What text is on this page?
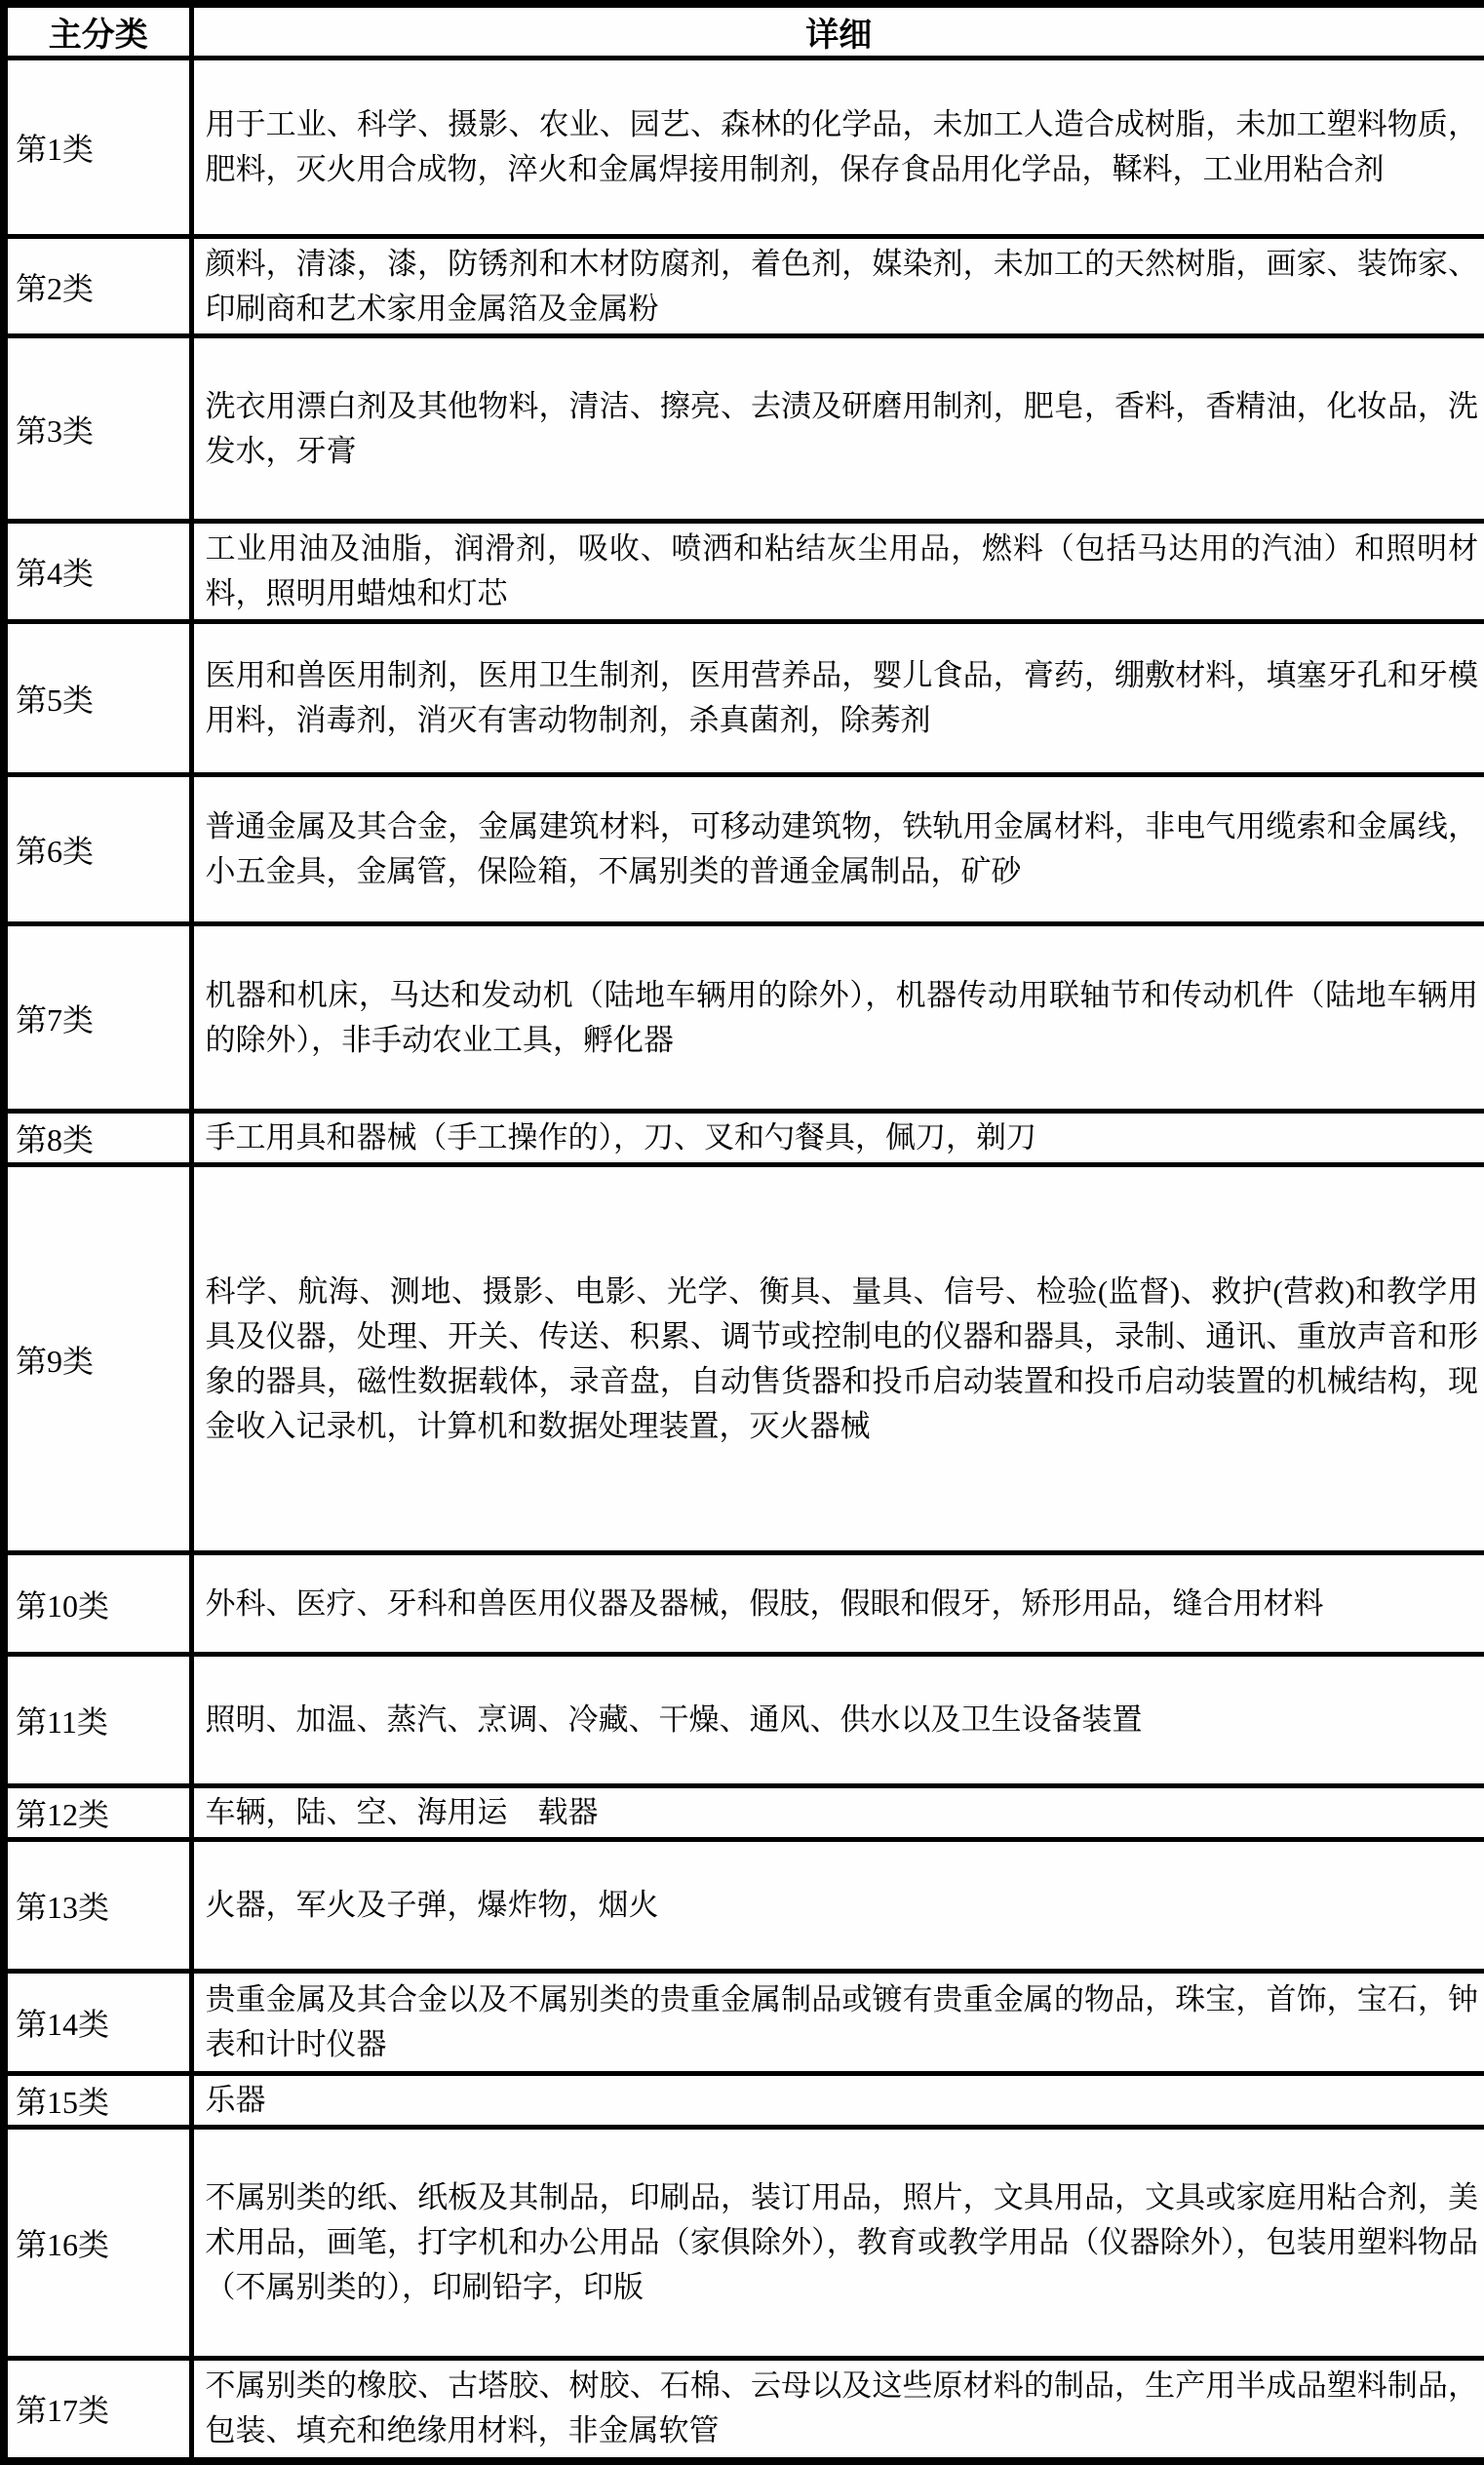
主分类	详细
第1类	用于工业、科学、摄影、农业、园艺、森林的化学品，未加工人造合成树脂，未加工塑料物质，肥料，灭火用合成物，淬火和金属焊接用制剂，保存食品用化学品，鞣料，工业用粘合剂
第2类	颜料，清漆，漆，防锈剂和木材防腐剂，着色剂，媒染剂，未加工的天然树脂，画家、装饰家、印刷商和艺术家用金属箔及金属粉
第3类	洗衣用漂白剂及其他物料，清洁、擦亮、去渍及研磨用制剂，肥皂，香料，香精油，化妆品，洗发水，牙膏
第4类	工业用油及油脂，润滑剂，吸收、喷洒和粘结灰尘用品，燃料（包括马达用的汽油）和照明材料，照明用蜡烛和灯芯
第5类	医用和兽医用制剂，医用卫生制剂，医用营养品，婴儿食品，膏药，绷敷材料，填塞牙孔和牙模用料，消毒剂，消灭有害动物制剂，杀真菌剂，除莠剂
第6类	普通金属及其合金，金属建筑材料，可移动建筑物，铁轨用金属材料，非电气用缆索和金属线，小五金具，金属管，保险箱，不属别类的普通金属制品，矿砂
第7类	机器和机床，马达和发动机（陆地车辆用的除外），机器传动用联轴节和传动机件（陆地车辆用的除外），非手动农业工具，孵化器
第8类	手工用具和器械（手工操作的），刀、叉和勺餐具，佩刀，剃刀
第9类	科学、航海、测地、摄影、电影、光学、衡具、量具、信号、检验(监督)、救护(营救)和教学用具及仪器，处理、开关、传送、积累、调节或控制电的仪器和器具，录制、通讯、重放声音和形象的器具，磁性数据载体，录音盘，自动售货器和投币启动装置和投币启动装置的机械结构，现金收入记录机，计算机和数据处理装置，灭火器械
第10类	外科、医疗、牙科和兽医用仪器及器械，假肢，假眼和假牙，矫形用品，缝合用材料
第11类	照明、加温、蒸汽、烹调、冷藏、干燥、通风、供水以及卫生设备装置
第12类	车辆，陆、空、海用运　载器
第13类	火器，军火及子弹，爆炸物，烟火
第14类	贵重金属及其合金以及不属别类的贵重金属制品或镀有贵重金属的物品，珠宝，首饰，宝石，钟表和计时仪器
第15类	乐器
第16类	不属别类的纸、纸板及其制品，印刷品，装订用品，照片，文具用品，文具或家庭用粘合剂，美术用品，画笔，打字机和办公用品（家俱除外），教育或教学用品（仪器除外），包装用塑料物品（不属别类的），印刷铅字，印版
第17类	不属别类的橡胶、古塔胶、树胶、石棉、云母以及这些原材料的制品，生产用半成品塑料制品，包装、填充和绝缘用材料，非金属软管
